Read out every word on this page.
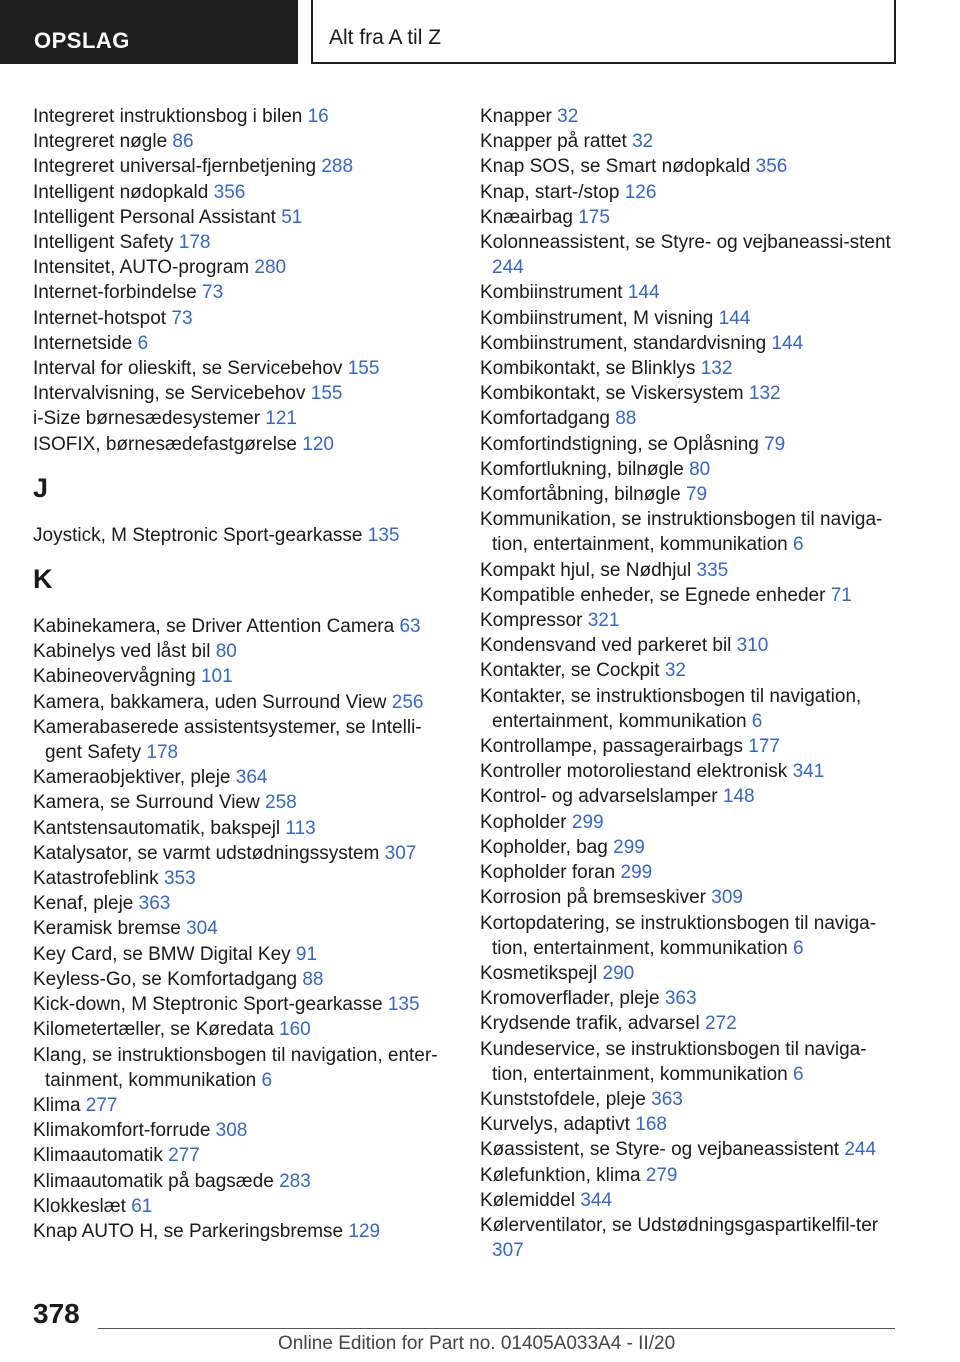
OPSLAG	Alt fra A til Z
Integreret instruktionsbog i bilen 16
Integreret nøgle 86
Integreret universal-fjernbetjening 288
Intelligent nødopkald 356
Intelligent Personal Assistant 51
Intelligent Safety 178
Intensitet, AUTO-program 280
Internet-forbindelse 73
Internet-hotspot 73
Internetside 6
Interval for olieskift, se Servicebehov 155
Intervalvisning, se Servicebehov 155
i-Size børnesædesystemer 121
ISOFIX, børnesædefastgørelse 120
J
Joystick, M Steptronic Sport-gearkasse 135
K
Kabinekamera, se Driver Attention Camera 63
Kabinelys ved låst bil 80
Kabineovervågning 101
Kamera, bakkamera, uden Surround View 256
Kamerabaserede assistentsystemer, se Intelli‐gent Safety 178
Kameraobjektiver, pleje 364
Kamera, se Surround View 258
Kantstensautomatik, bakspejl 113
Katalysator, se varmt udstødningssystem 307
Katastrofeblink 353
Kenaf, pleje 363
Keramisk bremse 304
Key Card, se BMW Digital Key 91
Keyless-Go, se Komfortadgang 88
Kick-down, M Steptronic Sport-gearkasse 135
Kilometertæller, se Køredata 160
Klang, se instruktionsbogen til navigation, enter‐tainment, kommunikation 6
Klima 277
Klimakomfort-forrude 308
Klimaautomatik 277
Klimaautomatik på bagsæde 283
Klokkeslæt 61
Knap AUTO H, se Parkeringsbremse 129
Knapper 32
Knapper på rattet 32
Knap SOS, se Smart nødopkald 356
Knap, start-/stop 126
Knæairbag 175
Kolonneassistent, se Styre- og vejbaneassi‐stent 244
Kombiinstrument 144
Kombiinstrument, M visning 144
Kombiinstrument, standardvisning 144
Kombikontakt, se Blinklys 132
Kombikontakt, se Viskersystem 132
Komfortadgang 88
Komfortindstigning, se Oplåsning 79
Komfortlukning, bilnøgle 80
Komfortåbning, bilnøgle 79
Kommunikation, se instruktionsbogen til naviga‐tion, entertainment, kommunikation 6
Kompakt hjul, se Nødhjul 335
Kompatible enheder, se Egnede enheder 71
Kompressor 321
Kondensvand ved parkeret bil 310
Kontakter, se Cockpit 32
Kontakter, se instruktionsbogen til navigation, entertainment, kommunikation 6
Kontrollampe, passagerairbags 177
Kontroller motoroliestand elektronisk 341
Kontrol- og advarselslamper 148
Kopholder 299
Kopholder, bag 299
Kopholder foran 299
Korrosion på bremseskiver 309
Kortopdatering, se instruktionsbogen til naviga‐tion, entertainment, kommunikation 6
Kosmetikspejl 290
Kromoverflader, pleje 363
Krydsende trafik, advarsel 272
Kundeservice, se instruktionsbogen til naviga‐tion, entertainment, kommunikation 6
Kunststofdele, pleje 363
Kurvelys, adaptivt 168
Køassistent, se Styre- og vejbaneassistent 244
Kølefunktion, klima 279
Kølemiddel 344
Kølerventilator, se Udstødningsgaspartikelfil‐ter 307
378
Online Edition for Part no. 01405A033A4 - II/20
